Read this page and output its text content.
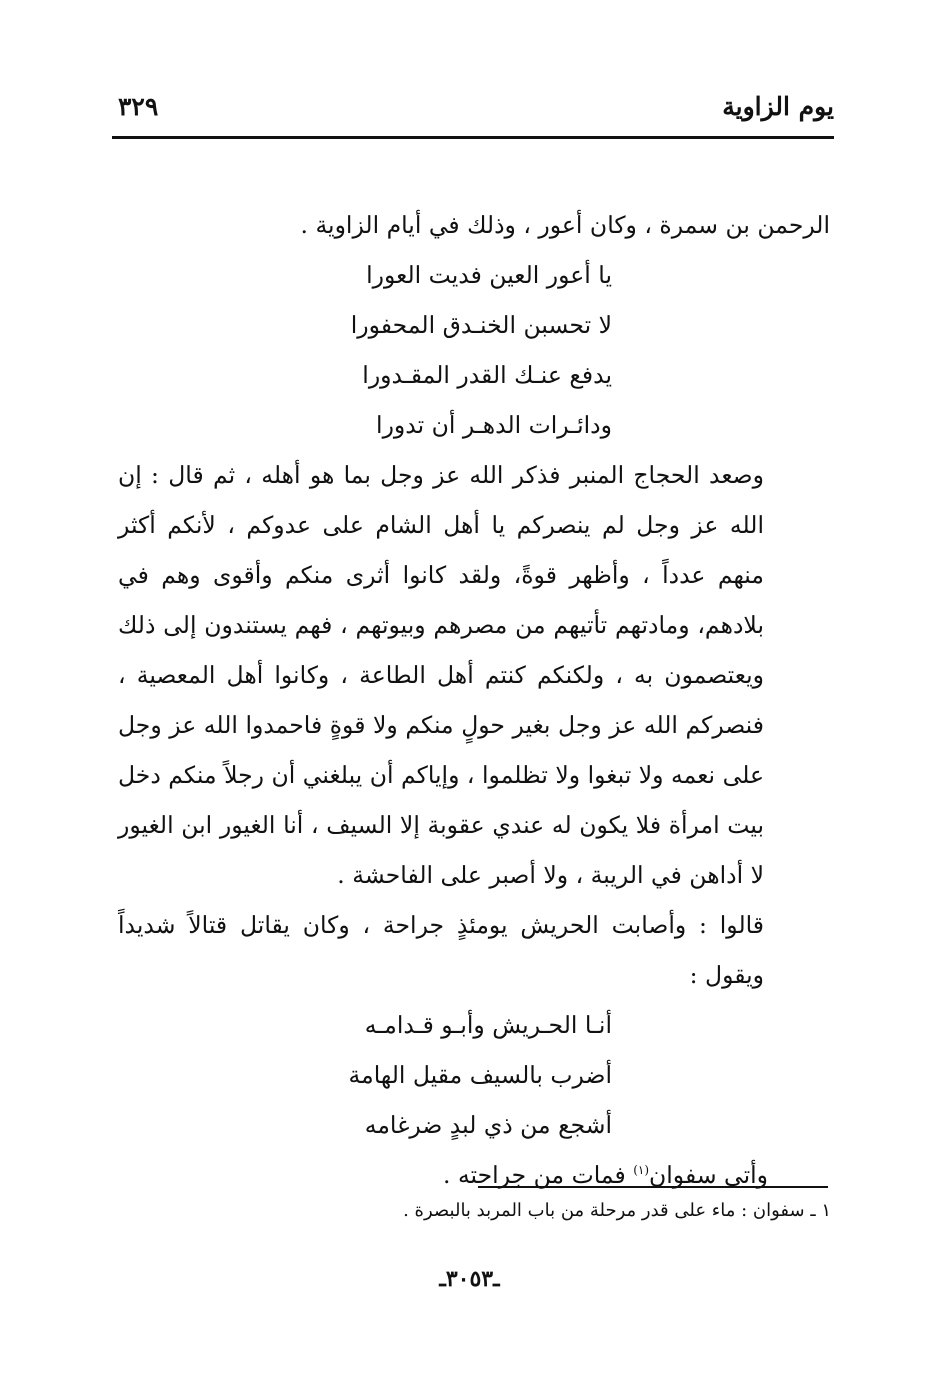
يوم الزاوية
٣٢٩

الرحمن بن سمرة ، وكان أعور ، وذلك في أيام الزاوية .

يا أعور العين فديت العورا

لا تحسبن الخنـدق المحفورا

يدفع عنـك القدر المقـدورا

ودائـرات الدهـر أن تدورا

وصعد الحجاج المنبر فذكر الله عز وجل بما هو أهله ، ثم قال : إن الله عز وجل لم ينصركم يا أهل الشام على عدوكم ، لأنكم أكثر منهم عدداً ، وأظهر قوةً، ولقد كانوا أثرى منكم وأقوى وهم في بلادهم، ومادتهم تأتيهم من مصرهم وبيوتهم ، فهم يستندون إلى ذلك ويعتصمون به ، ولكنكم كنتم أهل الطاعة ، وكانوا أهل المعصية ، فنصركم الله عز وجل بغير حولٍ منكم ولا قوةٍ فاحمدوا الله عز وجل على نعمه ولا تبغوا ولا تظلموا ، وإياكم أن يبلغني أن رجلاً منكم دخل بيت امرأة فلا يكون له عندي عقوبة إلا السيف ، أنا الغيور ابن الغيور لا أداهن في الريبة ، ولا أصبر على الفاحشة .

قالوا : وأصابت الحريش يومئذٍ جراحة ، وكان يقاتل قتالاً شديداً ويقول :

أنـا الحـريش وأبـو قـدامـه

أضرب بالسيف مقيل الهامة

أشجع من ذي لبدٍ ضرغامه

وأتى سفوان$^{(١)}$ فمات من جراحته .

١ ـ سفوان : ماء على قدر مرحلة من باب المربد بالبصرة .
ـ٣٠٥٣ـ
